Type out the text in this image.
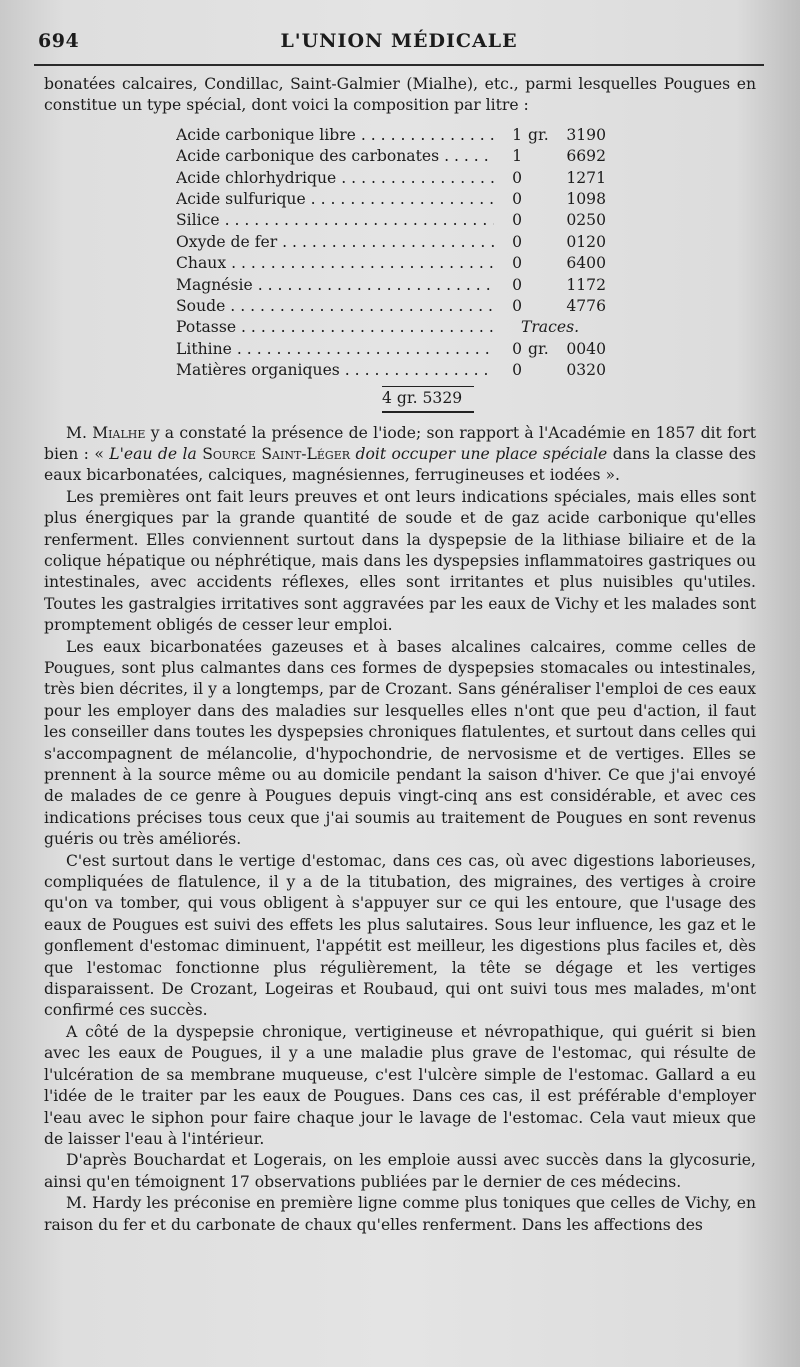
694	L'UNION MÉDICALE

bonatées calcaires, Condillac, Saint-Galmier (Mialhe), etc., parmi lesquelles Pougues en constitue un type spécial, dont voici la composition par litre :

Acide carbonique libre . . .	1 gr.	3190
Acide carbonique des carbonates . . .	1	6692
Acide chlorhydrique . . .	0	1271
Acide sulfurique . . .	0	1098
Silice . . .	0	0250
Oxyde de fer . . .	0	0120
Chaux . . .	0	6400
Magnésie . . .	0	1172
Soude . . .	0	4776
Potasse . . .	Traces.
Lithine . . .	0 gr.	0040
Matières organiques . . .	0	0320
4 gr. 5329

M. Mialhe y a constaté la présence de l'iode; son rapport à l'Académie en 1857 dit fort bien : « L'eau de la Source Saint-Léger doit occuper une place spéciale dans la classe des eaux bicarbonatées, calciques, magnésiennes, ferrugineuses et iodées ».

Les premières ont fait leurs preuves et ont leurs indications spéciales, mais elles sont plus énergiques par la grande quantité de soude et de gaz acide carbonique qu'elles renferment. Elles conviennent surtout dans la dyspepsie de la lithiase biliaire et de la colique hépatique ou néphrétique, mais dans les dyspepsies inflammatoires gastriques ou intestinales, avec accidents réflexes, elles sont irritantes et plus nuisibles qu'utiles. Toutes les gastralgies irritatives sont aggravées par les eaux de Vichy et les malades sont promptement obligés de cesser leur emploi.

Les eaux bicarbonatées gazeuses et à bases alcalines calcaires, comme celles de Pougues, sont plus calmantes dans ces formes de dyspepsies stomacales ou intestinales, très bien décrites, il y a longtemps, par de Crozant. Sans généraliser l'emploi de ces eaux pour les employer dans des maladies sur lesquelles elles n'ont que peu d'action, il faut les conseiller dans toutes les dyspepsies chroniques flatulentes, et surtout dans celles qui s'accompagnent de mélancolie, d'hypochondrie, de nervosisme et de vertiges. Elles se prennent à la source même ou au domicile pendant la saison d'hiver. Ce que j'ai envoyé de malades de ce genre à Pougues depuis vingt-cinq ans est considérable, et avec ces indications précises tous ceux que j'ai soumis au traitement de Pougues en sont revenus guéris ou très améliorés.

C'est surtout dans le vertige d'estomac, dans ces cas, où avec digestions laborieuses, compliquées de flatulence, il y a de la titubation, des migraines, des vertiges à croire qu'on va tomber, qui vous obligent à s'appuyer sur ce qui les entoure, que l'usage des eaux de Pougues est suivi des effets les plus salutaires. Sous leur influence, les gaz et le gonflement d'estomac diminuent, l'appétit est meilleur, les digestions plus faciles et, dès que l'estomac fonctionne plus régulièrement, la tête se dégage et les vertiges disparaissent. De Crozant, Logeiras et Roubaud, qui ont suivi tous mes malades, m'ont confirmé ces succès.

A côté de la dyspepsie chronique, vertigineuse et névropathique, qui guérit si bien avec les eaux de Pougues, il y a une maladie plus grave de l'estomac, qui résulte de l'ulcération de sa membrane muqueuse, c'est l'ulcère simple de l'estomac. Gallard a eu l'idée de le traiter par les eaux de Pougues. Dans ces cas, il est préférable d'employer l'eau avec le siphon pour faire chaque jour le lavage de l'estomac. Cela vaut mieux que de laisser l'eau à l'intérieur.

D'après Bouchardat et Logerais, on les emploie aussi avec succès dans la glycosurie, ainsi qu'en témoignent 17 observations publiées par le dernier de ces médecins.

M. Hardy les préconise en première ligne comme plus toniques que celles de Vichy, en raison du fer et du carbonate de chaux qu'elles renferment. Dans les affections des
